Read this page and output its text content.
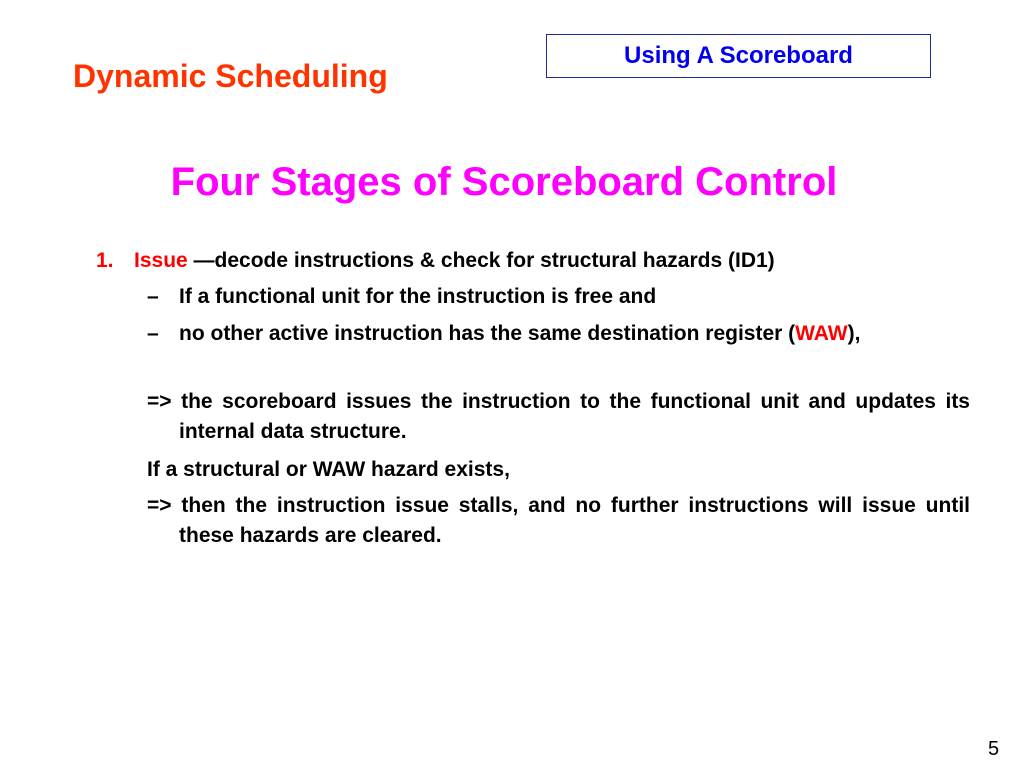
Dynamic Scheduling
Using A Scoreboard
Four Stages of Scoreboard Control
1. Issue —decode instructions & check for structural hazards (ID1)
– If a functional unit for the instruction is free and
– no other active instruction has the same destination register (WAW),
=> the scoreboard issues the instruction to the functional unit and updates its internal data structure.
If a structural or WAW hazard exists,
=> then the instruction issue stalls, and no further instructions will issue until these hazards are cleared.
5
